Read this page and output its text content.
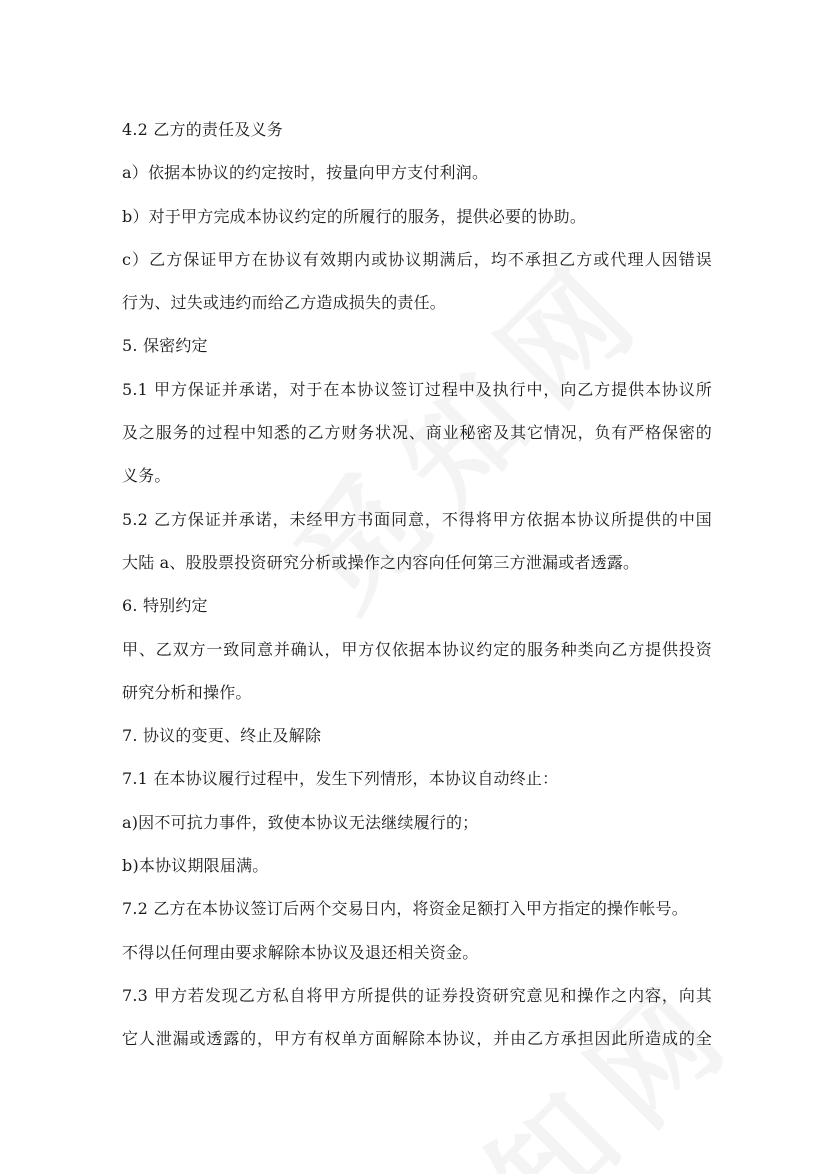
4.2 乙方的责任及义务
a）依据本协议的约定按时，按量向甲方支付利润。
b）对于甲方完成本协议约定的所履行的服务，提供必要的协助。
c）乙方保证甲方在协议有效期内或协议期满后，均不承担乙方或代理人因错误
行为、过失或违约而给乙方造成损失的责任。
5. 保密约定
5.1 甲方保证并承诺，对于在本协议签订过程中及执行中，向乙方提供本协议所
及之服务的过程中知悉的乙方财务状况、商业秘密及其它情况，负有严格保密的
义务。
5.2 乙方保证并承诺，未经甲方书面同意，不得将甲方依据本协议所提供的中国
大陆 a、股股票投资研究分析或操作之内容向任何第三方泄漏或者透露。
6. 特别约定
甲、乙双方一致同意并确认，甲方仅依据本协议约定的服务种类向乙方提供投资
研究分析和操作。
7. 协议的变更、终止及解除
7.1 在本协议履行过程中，发生下列情形，本协议自动终止：
a)因不可抗力事件，致使本协议无法继续履行的；
b)本协议期限届满。
7.2 乙方在本协议签订后两个交易日内，将资金足额打入甲方指定的操作帐号。
不得以任何理由要求解除本协议及退还相关资金。
7.3 甲方若发现乙方私自将甲方所提供的证券投资研究意见和操作之内容，向其
它人泄漏或透露的，甲方有权单方面解除本协议，并由乙方承担因此所造成的全
